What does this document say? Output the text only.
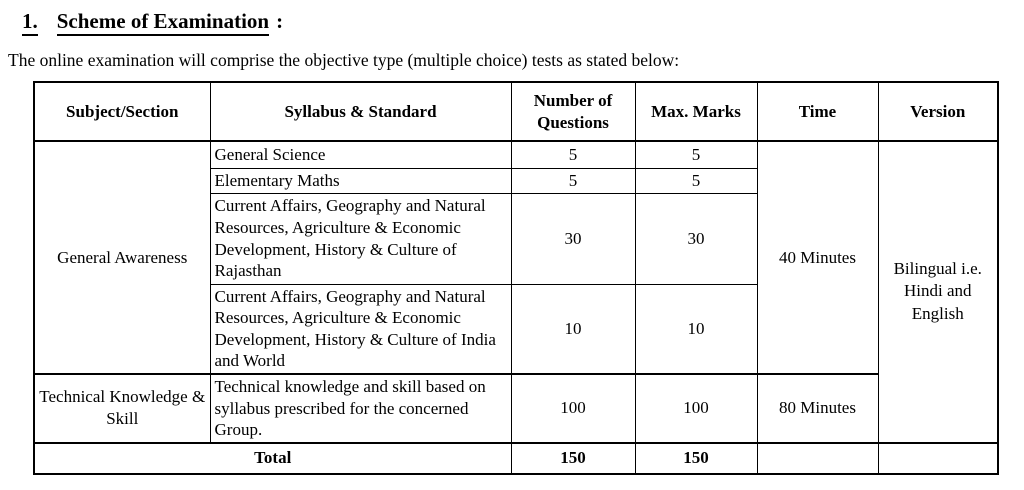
1. Scheme of Examination :
The online examination will comprise the objective type (multiple choice) tests as stated below:
Subject/Section	Syllabus & Standard	Number of Questions	Max. Marks	Time	Version
General Awareness	General Science	5	5	40 Minutes	Bilingual i.e. Hindi and English
	Elementary Maths	5	5		
	Current Affairs, Geography and Natural Resources, Agriculture & Economic Development, History & Culture of Rajasthan	30	30		
	Current Affairs, Geography and Natural Resources, Agriculture & Economic Development, History & Culture of India and World	10	10		
Technical Knowledge & Skill	Technical knowledge and skill based on syllabus prescribed for the concerned Group.	100	100	80 Minutes	
Total		150	150		
